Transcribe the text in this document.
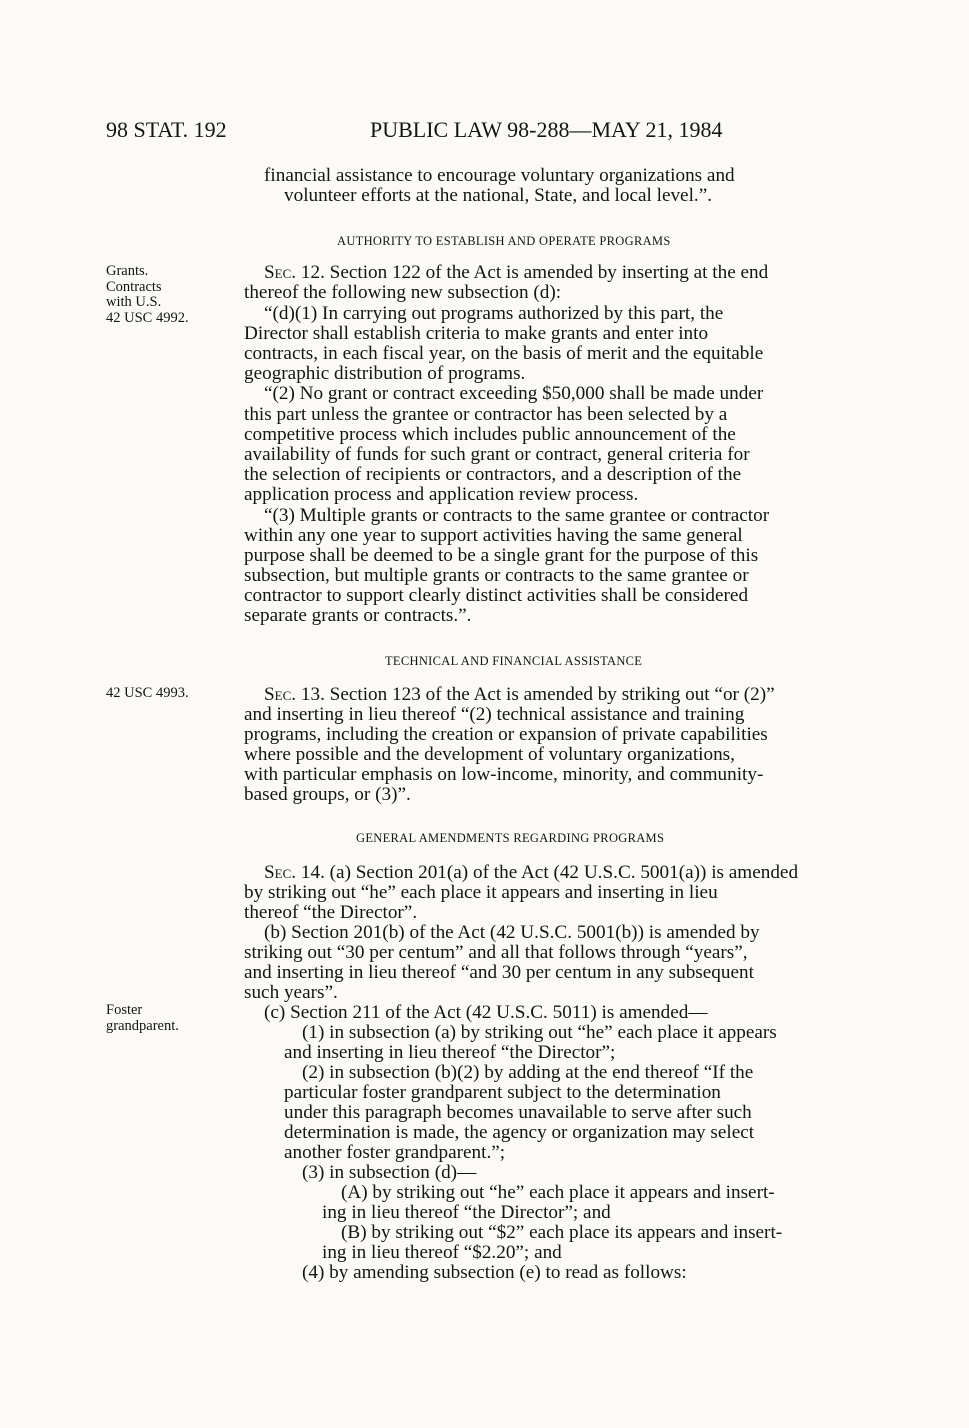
98 STAT. 192	PUBLIC LAW 98-288—MAY 21, 1984
Grants.
Contracts
with U.S.
42 USC 4992.
42 USC 4993.
Foster
grandparent.
financial assistance to encourage voluntary organizations and
volunteer efforts at the national, State, and local level.”.
AUTHORITY TO ESTABLISH AND OPERATE PROGRAMS
Sec. 12. Section 122 of the Act is amended by inserting at the end
thereof the following new subsection (d):
“(d)(1) In carrying out programs authorized by this part, the
Director shall establish criteria to make grants and enter into
contracts, in each fiscal year, on the basis of merit and the equitable
geographic distribution of programs.
“(2) No grant or contract exceeding $50,000 shall be made under
this part unless the grantee or contractor has been selected by a
competitive process which includes public announcement of the
availability of funds for such grant or contract, general criteria for
the selection of recipients or contractors, and a description of the
application process and application review process.
“(3) Multiple grants or contracts to the same grantee or contractor
within any one year to support activities having the same general
purpose shall be deemed to be a single grant for the purpose of this
subsection, but multiple grants or contracts to the same grantee or
contractor to support clearly distinct activities shall be considered
separate grants or contracts.”.
TECHNICAL AND FINANCIAL ASSISTANCE
Sec. 13. Section 123 of the Act is amended by striking out “or (2)”
and inserting in lieu thereof “(2) technical assistance and training
programs, including the creation or expansion of private capabilities
where possible and the development of voluntary organizations,
with particular emphasis on low-income, minority, and community-
based groups, or (3)”.
GENERAL AMENDMENTS REGARDING PROGRAMS
Sec. 14. (a) Section 201(a) of the Act (42 U.S.C. 5001(a)) is amended
by striking out “he” each place it appears and inserting in lieu
thereof “the Director”.
(b) Section 201(b) of the Act (42 U.S.C. 5001(b)) is amended by
striking out “30 per centum” and all that follows through “years”,
and inserting in lieu thereof “and 30 per centum in any subsequent
such years”.
(c) Section 211 of the Act (42 U.S.C. 5011) is amended—
(1) in subsection (a) by striking out “he” each place it appears
and inserting in lieu thereof “the Director”;
(2) in subsection (b)(2) by adding at the end thereof “If the
particular foster grandparent subject to the determination
under this paragraph becomes unavailable to serve after such
determination is made, the agency or organization may select
another foster grandparent.”;
(3) in subsection (d)—
(A) by striking out “he” each place it appears and insert-
ing in lieu thereof “the Director”; and
(B) by striking out “$2” each place its appears and insert-
ing in lieu thereof “$2.20”; and
(4) by amending subsection (e) to read as follows:
